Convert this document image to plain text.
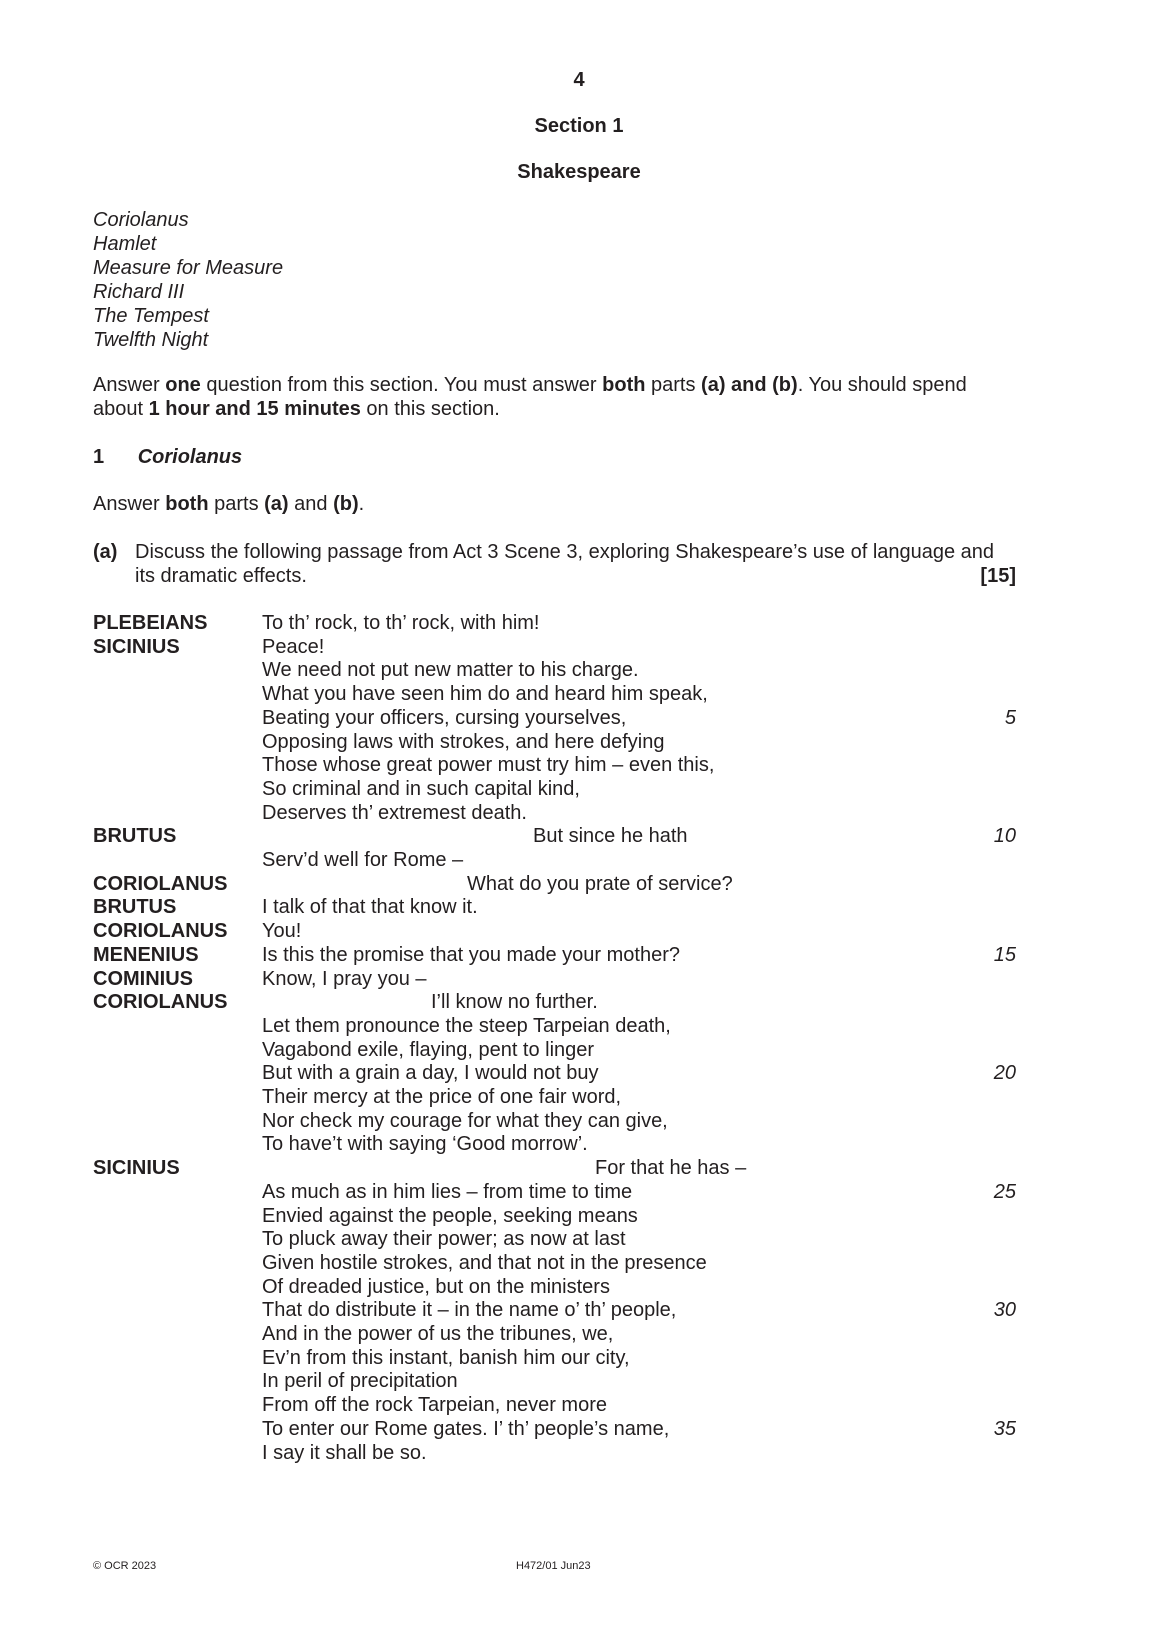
4
Section 1
Shakespeare
Coriolanus
Hamlet
Measure for Measure
Richard III
The Tempest
Twelfth Night
Answer one question from this section. You must answer both parts (a) and (b). You should spend
about 1 hour and 15 minutes on this section.
1 Coriolanus
Answer both parts (a) and (b).
(a) Discuss the following passage from Act 3 Scene 3, exploring Shakespeare’s use of language and
its dramatic effects.	[15]
PLEBEIANS	To th’ rock, to th’ rock, with him!
SICINIUS	Peace!
We need not put new matter to his charge.
What you have seen him do and heard him speak,
Beating your officers, cursing yourselves,	5
Opposing laws with strokes, and here defying
Those whose great power must try him – even this,
So criminal and in such capital kind,
Deserves th’ extremest death.
BRUTUS	But since he hath	10
Serv’d well for Rome –
CORIOLANUS	What do you prate of service?
BRUTUS	I talk of that that know it.
CORIOLANUS You!
MENENIUS	Is this the promise that you made your mother?	15
COMINIUS	Know, I pray you –
CORIOLANUS	I’ll know no further.
Let them pronounce the steep Tarpeian death,
Vagabond exile, flaying, pent to linger
But with a grain a day, I would not buy	20
Their mercy at the price of one fair word,
Nor check my courage for what they can give,
To have’t with saying ‘Good morrow’.
SICINIUS	For that he has –
As much as in him lies – from time to time	25
Envied against the people, seeking means
To pluck away their power; as now at last
Given hostile strokes, and that not in the presence
Of dreaded justice, but on the ministers
That do distribute it – in the name o’ th’ people,	30
And in the power of us the tribunes, we,
Ev’n from this instant, banish him our city,
In peril of precipitation
From off the rock Tarpeian, never more
To enter our Rome gates. I’ th’ people’s name,	35
I say it shall be so.
© OCR 2023	H472/01 Jun23
